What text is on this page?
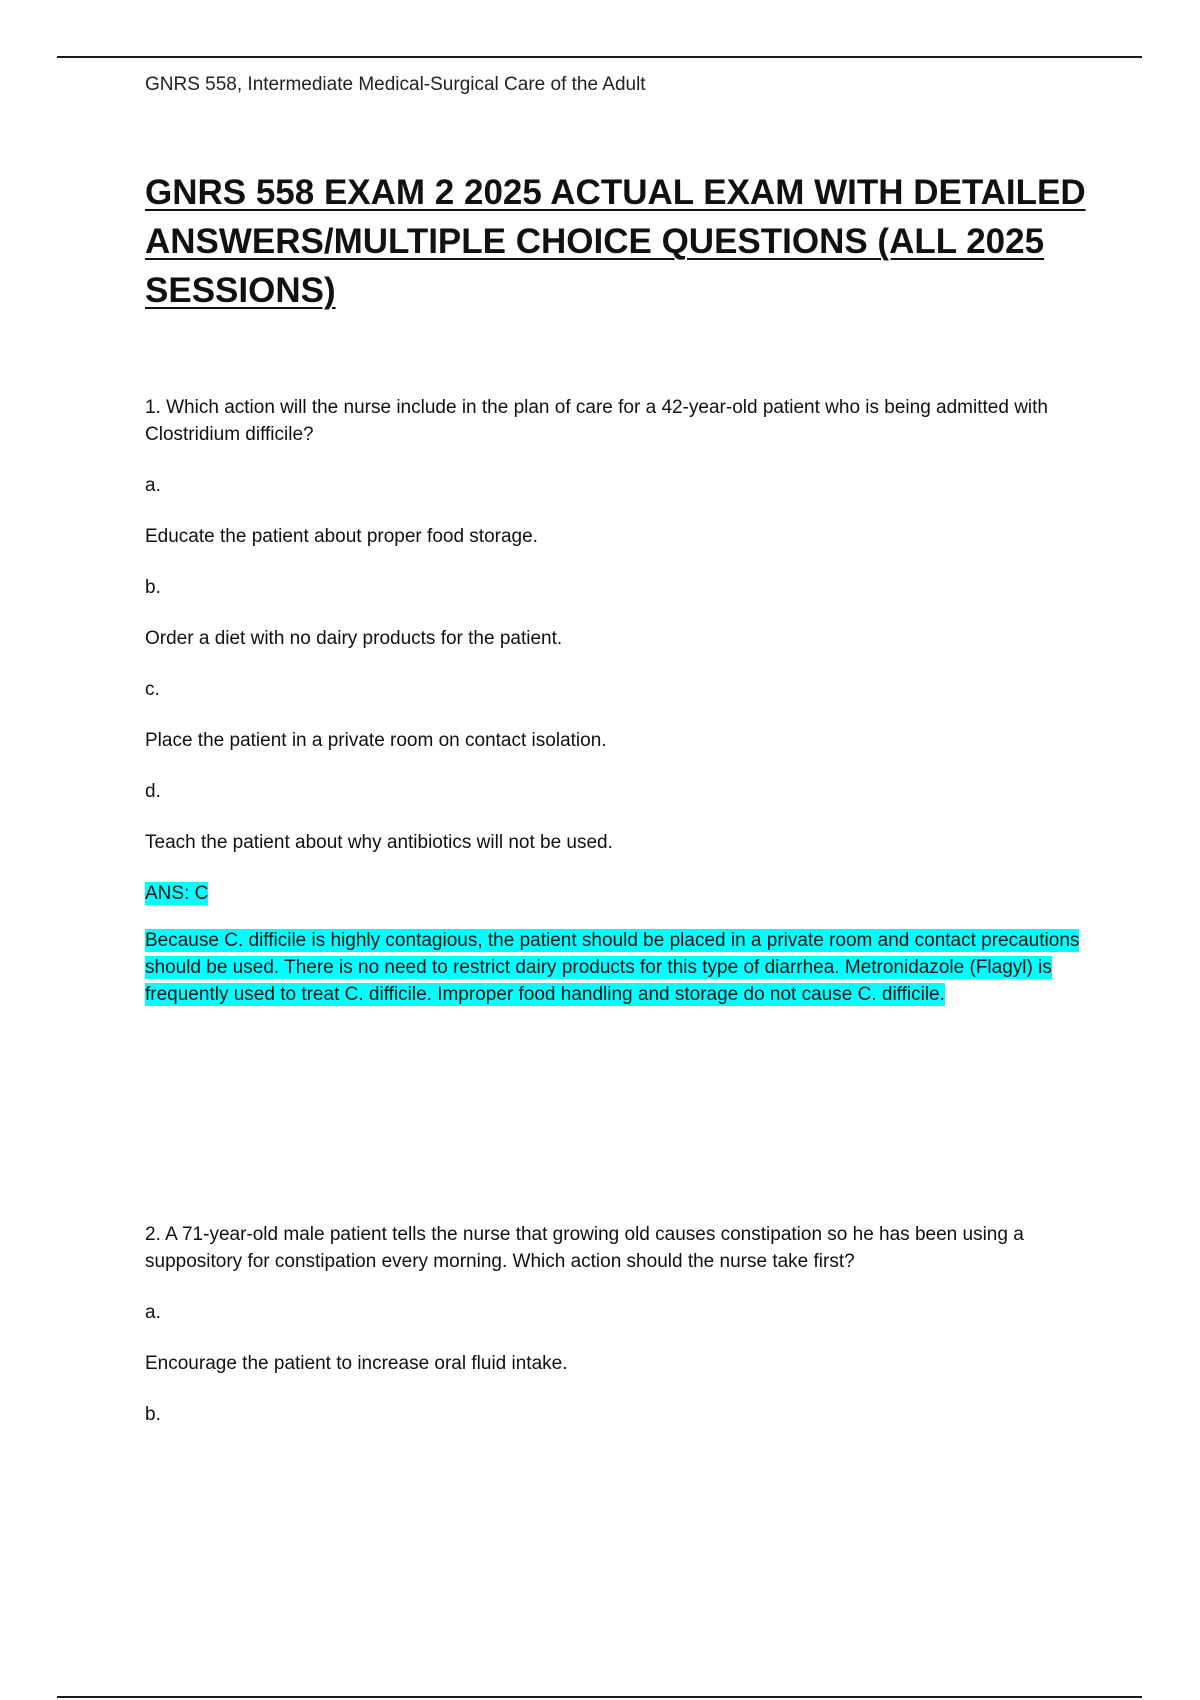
GNRS 558, Intermediate Medical-Surgical Care of the Adult
GNRS 558 EXAM 2 2025 ACTUAL EXAM WITH DETAILED ANSWERS/MULTIPLE CHOICE QUESTIONS (ALL 2025 SESSIONS)

1. Which action will the nurse include in the plan of care for a 42-year-old patient who is being admitted with Clostridium difficile?

a.

Educate the patient about proper food storage.

b.

Order a diet with no dairy products for the patient.

c.

Place the patient in a private room on contact isolation.

d.

Teach the patient about why antibiotics will not be used.

ANS: C

Because C. difficile is highly contagious, the patient should be placed in a private room and contact precautions should be used. There is no need to restrict dairy products for this type of diarrhea. Metronidazole (Flagyl) is frequently used to treat C. difficile. Improper food handling and storage do not cause C. difficile.

2. A 71-year-old male patient tells the nurse that growing old causes constipation so he has been using a suppository for constipation every morning. Which action should the nurse take first?

a.

Encourage the patient to increase oral fluid intake.

b.
